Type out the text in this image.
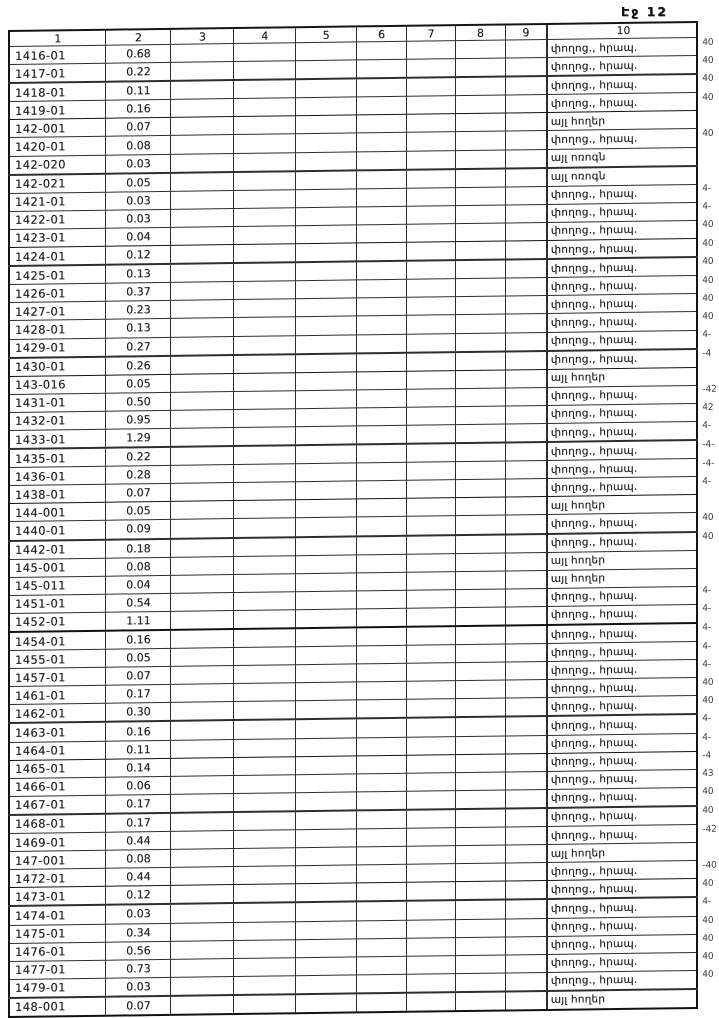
Էջ 12
1	2	3	4	5	6	7	8	9	10	
1416-01	0.68								փողոց., հրապ.	40
1417-01	0.22								փողոց., հրապ.	40
1418-01	0.11								փողոց., հրապ.	40
1419-01	0.16								փողոց., հրապ.	40
142-001	0.07								այլ հողեր	
1420-01	0.08								փողոց., հրապ.	40
142-020	0.03								այլ ոռոգն	
142-021	0.05								այլ ոռոգն	
1421-01	0.03								փողոց., հրապ.	4-
1422-01	0.03								փողոց., հրապ.	4-
1423-01	0.04								փողոց., հրապ.	40
1424-01	0.12								փողոց., հրապ.	40
1425-01	0.13								փողոց., հրապ.	40
1426-01	0.37								փողոց., հրապ.	40
1427-01	0.23								փողոց., հրապ.	40
1428-01	0.13								փողոց., հրապ.	40
1429-01	0.27								փողոց., հրապ.	4-
1430-01	0.26								փողոց., հրապ.	-4
143-016	0.05								այլ հողեր	
1431-01	0.50								փողոց., հրապ.	-42
1432-01	0.95								փողոց., հրապ.	42
1433-01	1.29								փողոց., հրապ.	4-
1435-01	0.22								փողոց., հրապ.	-4-
1436-01	0.28								փողոց., հրապ.	-4-
1438-01	0.07								փողոց., հրապ.	4-
144-001	0.05								այլ հողեր	
1440-01	0.09								փողոց., հրապ.	40
1442-01	0.18								փողոց., հրապ.	40
145-001	0.08								այլ հողեր	
145-011	0.04								այլ հողեր	
1451-01	0.54								փողոց., հրապ.	4-
1452-01	1.11								փողոց., հրապ.	4-
1454-01	0.16								փողոց., հրապ.	4-
1455-01	0.05								փողոց., հրապ.	4-
1457-01	0.07								փողոց., հրապ.	4-
1461-01	0.17								փողոց., հրապ.	40
1462-01	0.30								փողոց., հրապ.	40
1463-01	0.16								փողոց., հրապ.	4-
1464-01	0.11								փողոց., հրապ.	4-
1465-01	0.14								փողոց., հրապ.	-4
1466-01	0.06								փողոց., հրապ.	43
1467-01	0.17								փողոց., հրապ.	40
1468-01	0.17								փողոց., հրապ.	40
1469-01	0.44								փողոց., հրապ.	-42
147-001	0.08								այլ հողեր	
1472-01	0.44								փողոց., հրապ.	-40
1473-01	0.12								փողոց., հրապ.	40
1474-01	0.03								փողոց., հրապ.	4-
1475-01	0.34								փողոց., հրապ.	40
1476-01	0.56								փողոց., հրապ.	40
1477-01	0.73								փողոց., հրապ.	40
1479-01	0.03								փողոց., հրապ.	40
148-001	0.07								այլ հողեր	
